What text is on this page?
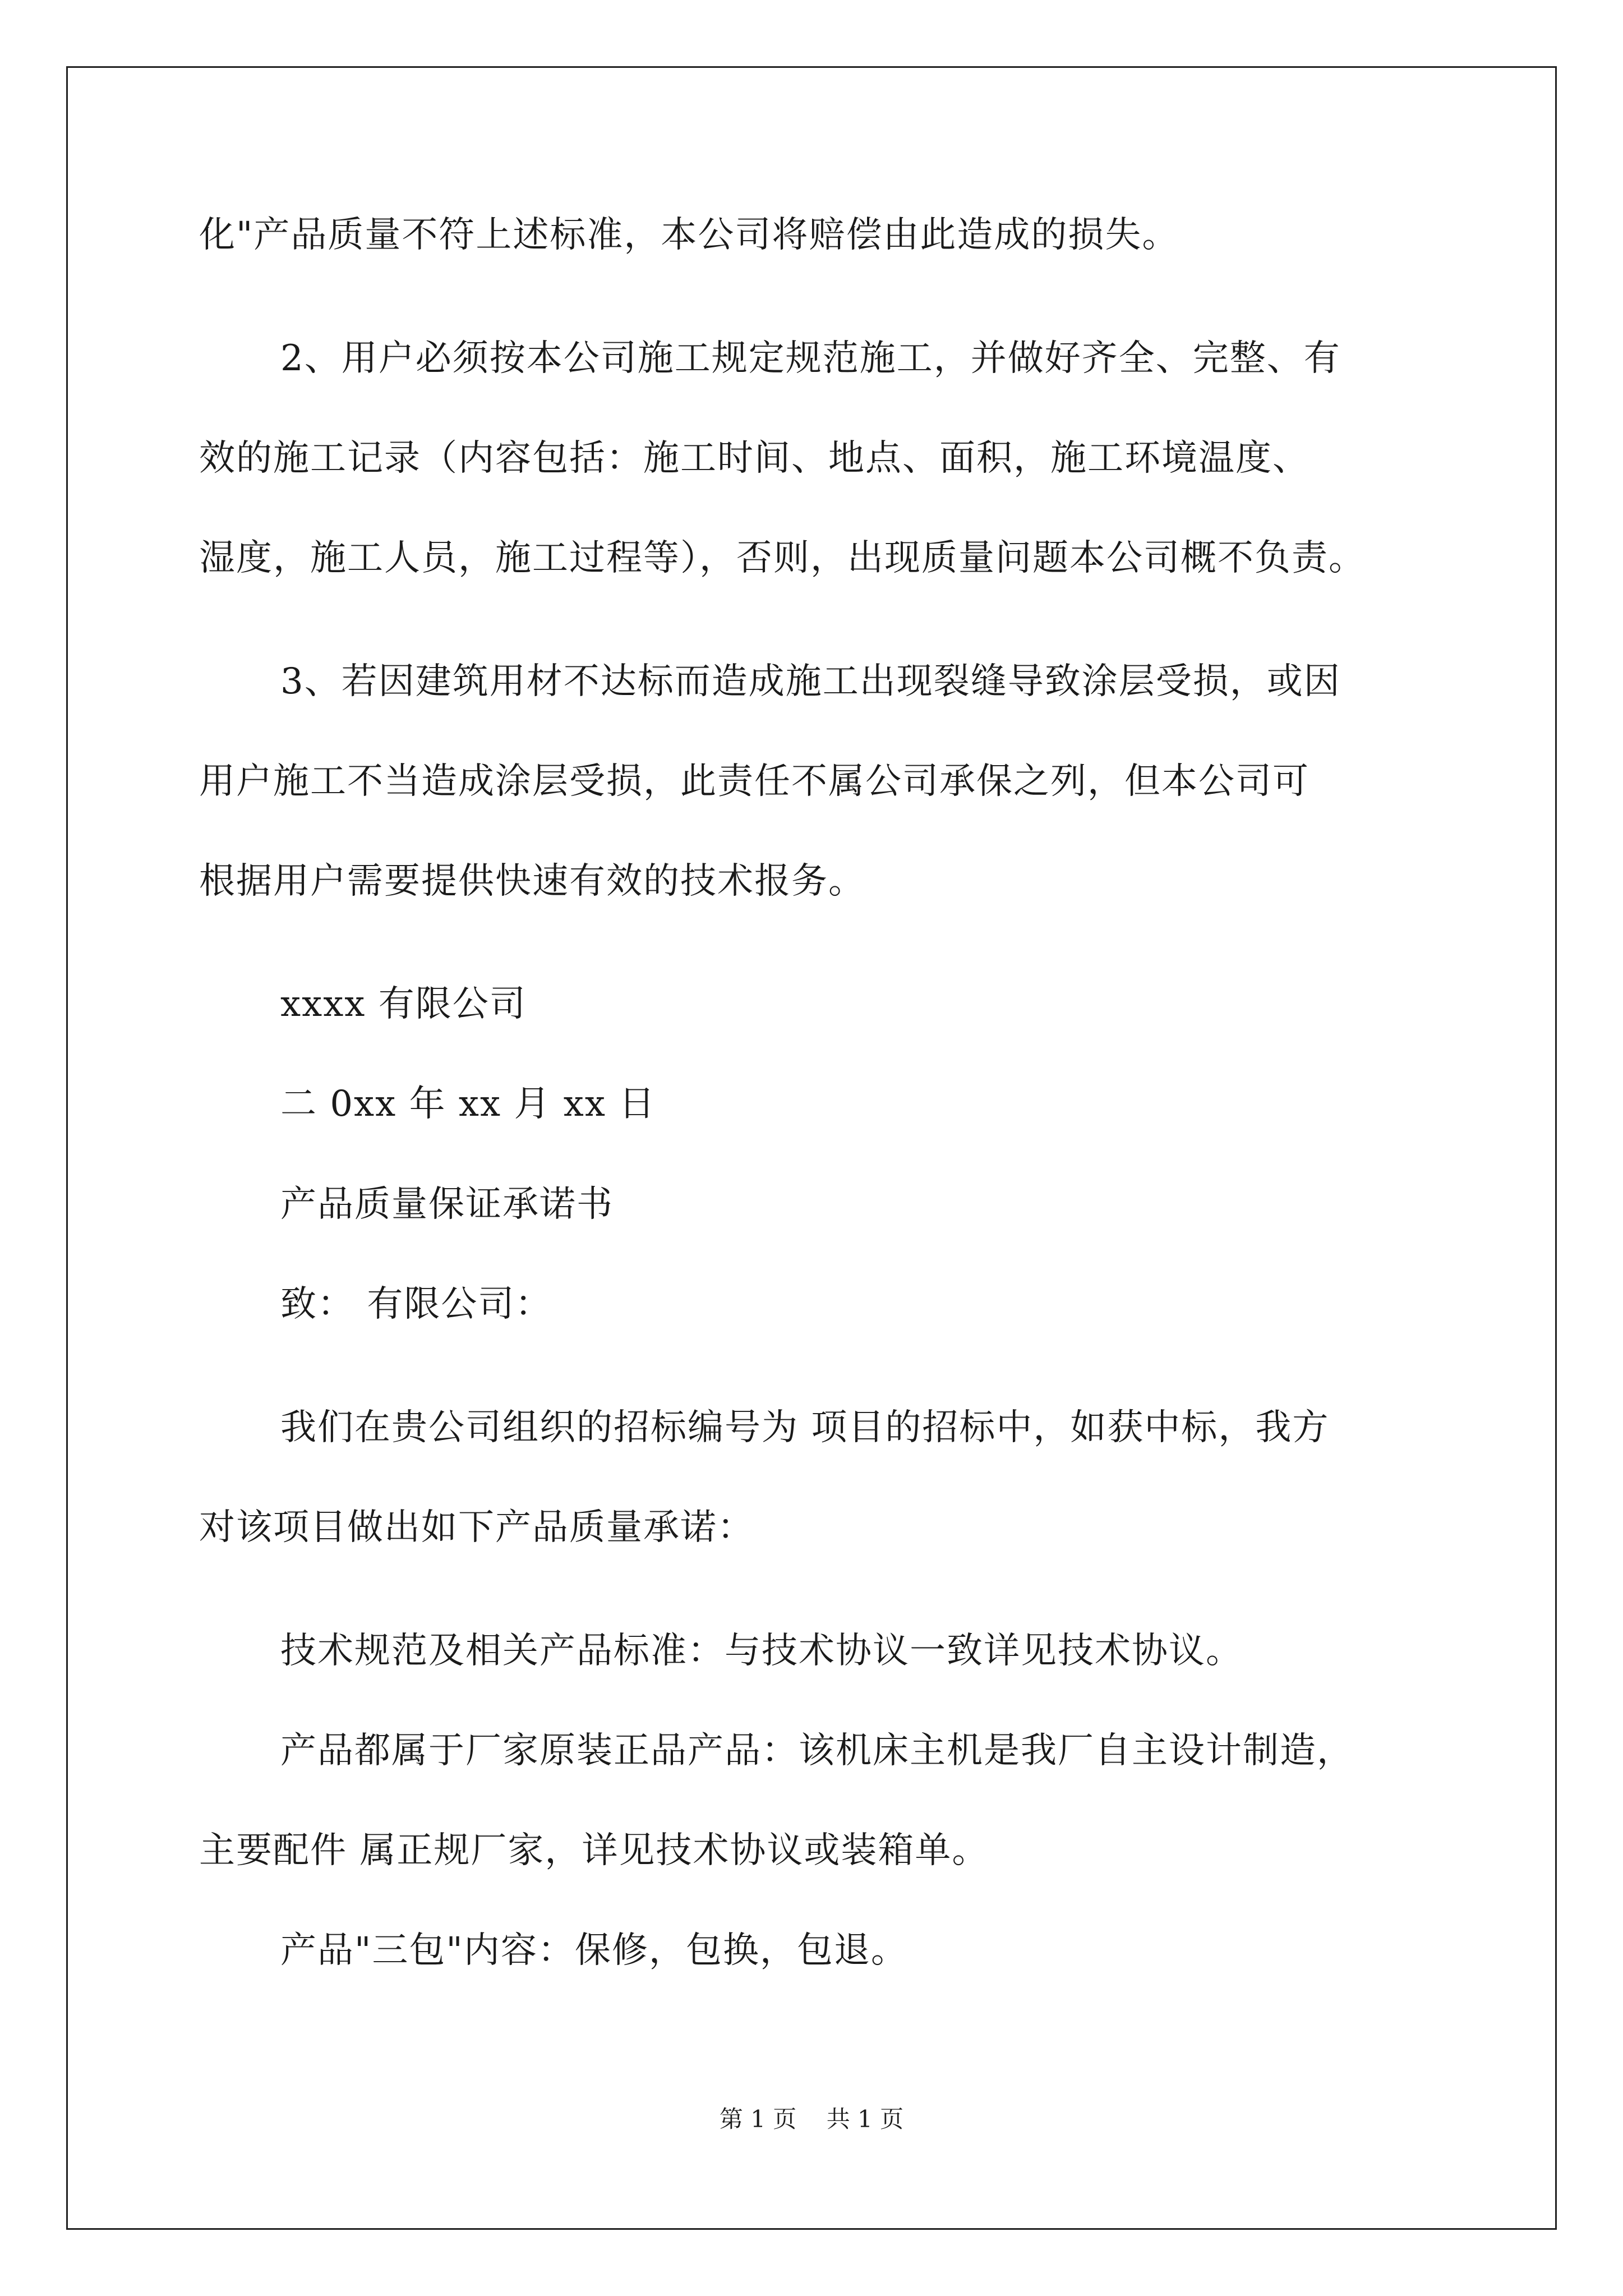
化"产品质量不符上述标准，本公司将赔偿由此造成的损失。
2、用户必须按本公司施工规定规范施工，并做好齐全、完整、有
效的施工记录（内容包括：施工时间、地点、面积，施工环境温度、
湿度，施工人员，施工过程等），否则，出现质量问题本公司概不负责。
3、若因建筑用材不达标而造成施工出现裂缝导致涂层受损，或因
用户施工不当造成涂层受损，此责任不属公司承保之列，但本公司可
根据用户需要提供快速有效的技术报务。
xxxx 有限公司
二 0xx 年 xx 月 xx 日
产品质量保证承诺书
致： 有限公司：
我们在贵公司组织的招标编号为 项目的招标中，如获中标，我方
对该项目做出如下产品质量承诺：
技术规范及相关产品标准：与技术协议一致详见技术协议。
产品都属于厂家原装正品产品：该机床主机是我厂自主设计制造，
主要配件 属正规厂家，详见技术协议或装箱单。
产品"三包"内容：保修，包换，包退。
第 1 页    共 1 页
